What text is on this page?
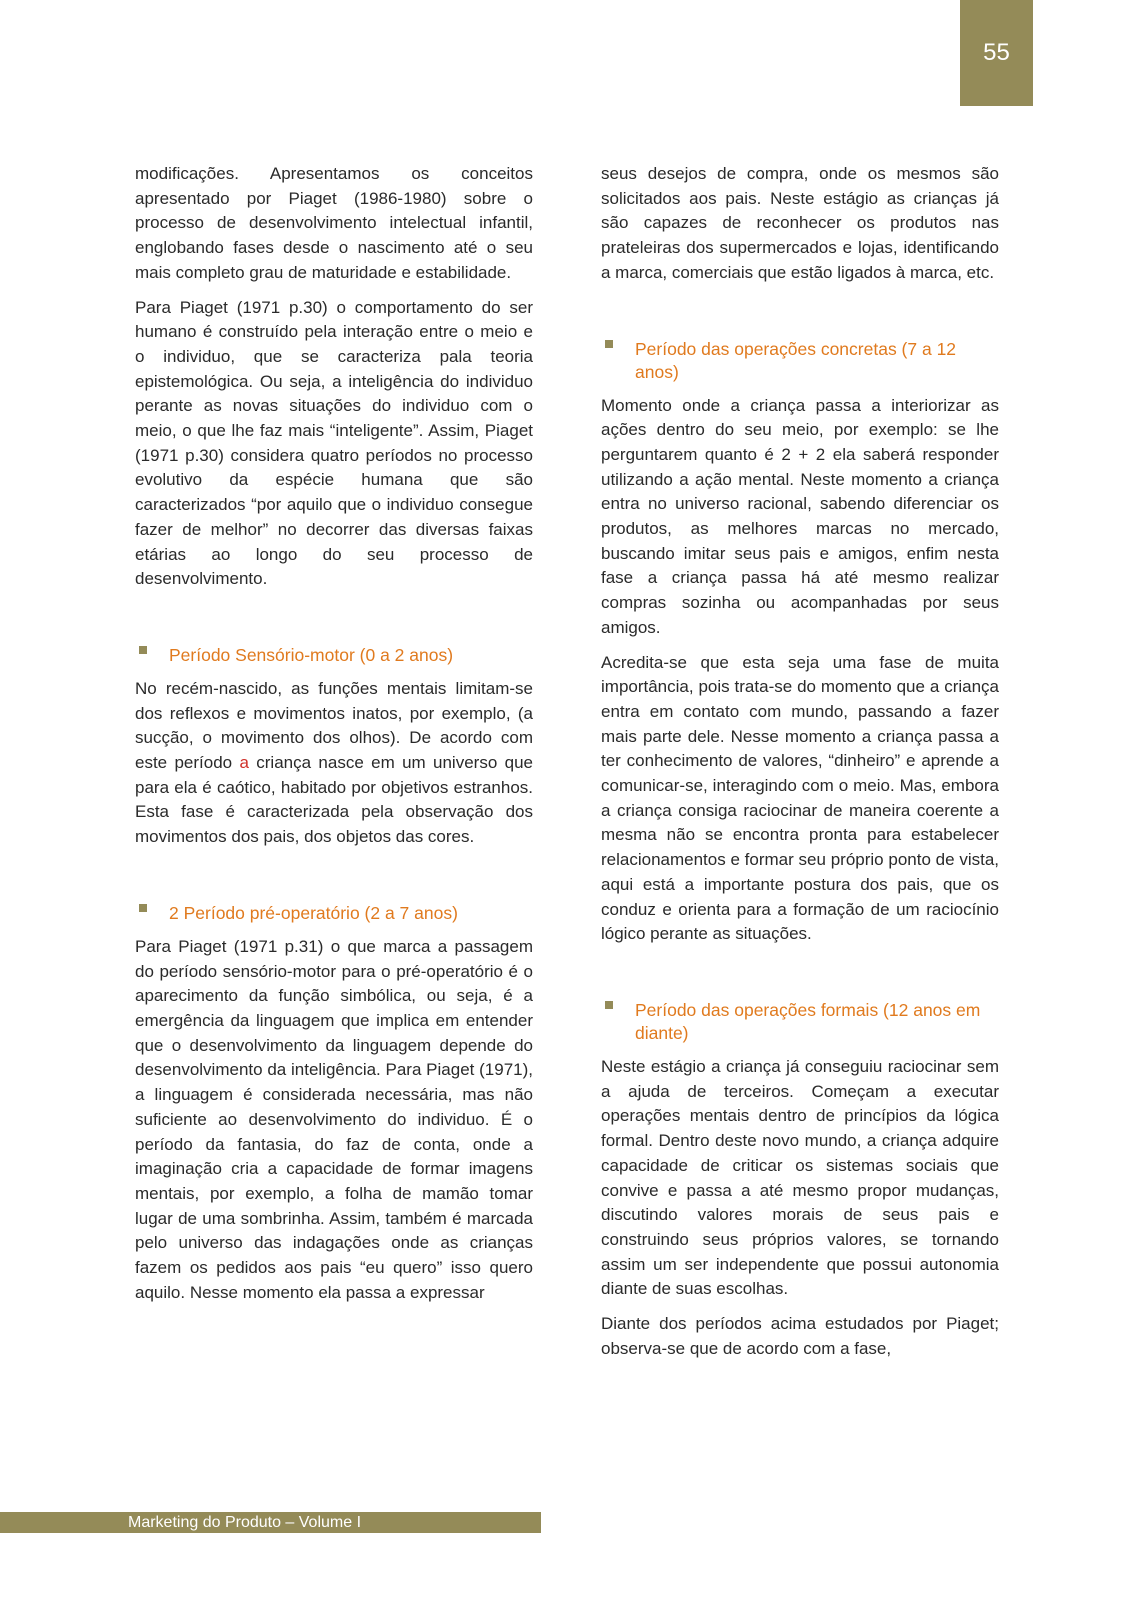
55

modificações. Apresentamos os conceitos apresentado por Piaget (1986-1980) sobre o processo de desenvolvimento intelectual infantil, englobando fases desde o nascimento até o seu mais completo grau de maturidade e estabilidade.

Para Piaget (1971 p.30) o comportamento do ser humano é construído pela interação entre o meio e o individuo, que se caracteriza pala teoria epistemológica. Ou seja, a inteligência do individuo perante as novas situações do individuo com o meio, o que lhe faz mais “inteligente”. Assim, Piaget (1971 p.30) considera quatro períodos no processo evolutivo da espécie humana que são caracterizados “por aquilo que o individuo consegue fazer de melhor” no decorrer das diversas faixas etárias ao longo do seu processo de desenvolvimento.

Período Sensório-motor (0 a 2 anos)

No recém-nascido, as funções mentais limitam-se dos reflexos e movimentos inatos, por exemplo, (a sucção, o movimento dos olhos). De acordo com este período a criança nasce em um universo que para ela é caótico, habitado por objetivos estranhos. Esta fase é caracterizada pela observação dos movimentos dos pais, dos objetos das cores.

2 Período pré-operatório (2 a 7 anos)

Para Piaget (1971 p.31) o que marca a passagem do período sensório-motor para o pré-operatório é o aparecimento da função simbólica, ou seja, é a emergência da linguagem que implica em entender que o desenvolvimento da linguagem depende do desenvolvimento da inteligência. Para Piaget (1971), a linguagem é considerada necessária, mas não suficiente ao desenvolvimento do individuo. É o período da fantasia, do faz de conta, onde a imaginação cria a capacidade de formar imagens mentais, por exemplo, a folha de mamão tomar lugar de uma sombrinha. Assim, também é marcada pelo universo das indagações onde as crianças fazem os pedidos aos pais “eu quero” isso quero aquilo. Nesse momento ela passa a expressar

seus desejos de compra, onde os mesmos são solicitados aos pais. Neste estágio as crianças já são capazes de reconhecer os produtos nas prateleiras dos supermercados e lojas, identificando a marca, comerciais que estão ligados à marca, etc.

Período das operações concretas (7 a 12 anos)

Momento onde a criança passa a interiorizar as ações dentro do seu meio, por exemplo: se lhe perguntarem quanto é 2 + 2 ela saberá responder utilizando a ação mental. Neste momento a criança entra no universo racional, sabendo diferenciar os produtos, as melhores marcas no mercado, buscando imitar seus pais e amigos, enfim nesta fase a criança passa há até mesmo realizar compras sozinha ou acompanhadas por seus amigos.

Acredita-se que esta seja uma fase de muita importância, pois trata-se do momento que a criança entra em contato com mundo, passando a fazer mais parte dele. Nesse momento a criança passa a ter conhecimento de valores, “dinheiro” e aprende a comunicar-se, interagindo com o meio. Mas, embora a criança consiga raciocinar de maneira coerente a mesma não se encontra pronta para estabelecer relacionamentos e formar seu próprio ponto de vista, aqui está a importante postura dos pais, que os conduz e orienta para a formação de um raciocínio lógico perante as situações.

Período das operações formais (12 anos em diante)

Neste estágio a criança já conseguiu raciocinar sem a ajuda de terceiros. Começam a executar operações mentais dentro de princípios da lógica formal. Dentro deste novo mundo, a criança adquire capacidade de criticar os sistemas sociais que convive e passa a até mesmo propor mudanças, discutindo valores morais de seus pais e construindo seus próprios valores, se tornando assim um ser independente que possui autonomia diante de suas escolhas.

Diante dos períodos acima estudados por Piaget; observa-se que de acordo com a fase,

Marketing do Produto – Volume I
